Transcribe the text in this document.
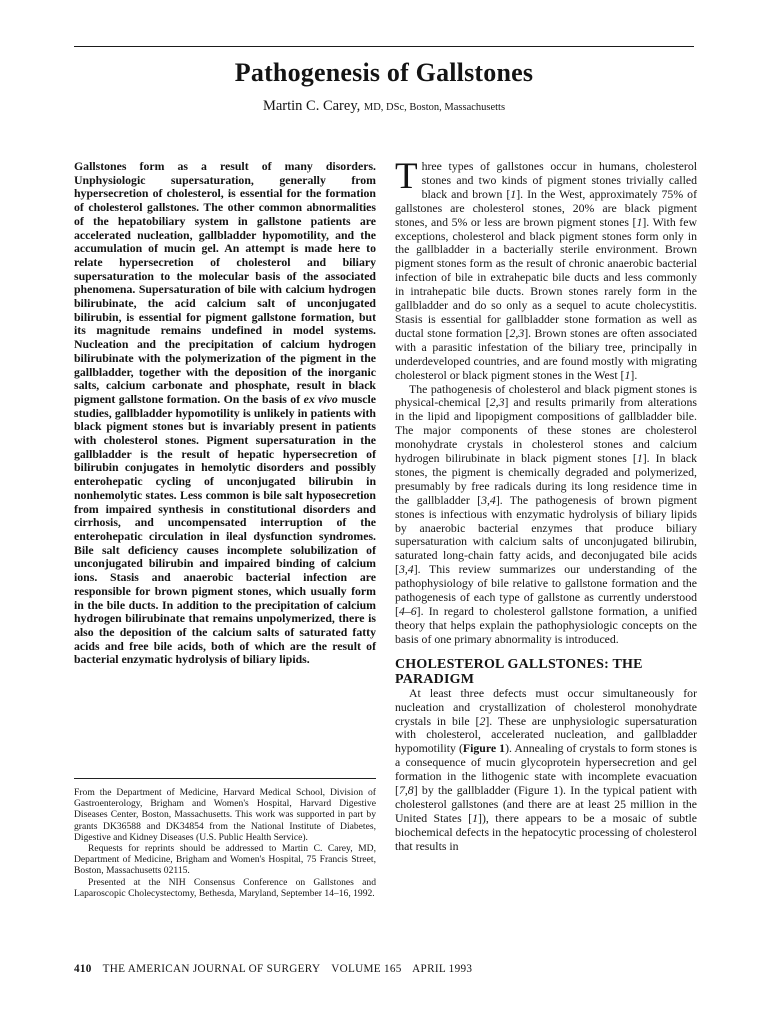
Pathogenesis of Gallstones
Martin C. Carey, MD, DSc, Boston, Massachusetts

Gallstones form as a result of many disorders. Unphysiologic supersaturation, generally from hypersecretion of cholesterol, is essential for the formation of cholesterol gallstones. The other common abnormalities of the hepatobiliary system in gallstone patients are accelerated nucleation, gallbladder hypomotility, and the accumulation of mucin gel. An attempt is made here to relate hypersecretion of cholesterol and biliary supersaturation to the molecular basis of the associated phenomena. Supersaturation of bile with calcium hydrogen bilirubinate, the acid calcium salt of unconjugated bilirubin, is essential for pigment gallstone formation, but its magnitude remains undefined in model systems. Nucleation and the precipitation of calcium hydrogen bilirubinate with the polymerization of the pigment in the gallbladder, together with the deposition of the inorganic salts, calcium carbonate and phosphate, result in black pigment gallstone formation. On the basis of ex vivo muscle studies, gallbladder hypomotility is unlikely in patients with black pigment stones but is invariably present in patients with cholesterol stones. Pigment supersaturation in the gallbladder is the result of hepatic hypersecretion of bilirubin conjugates in hemolytic disorders and possibly enterohepatic cycling of unconjugated bilirubin in nonhemolytic states. Less common is bile salt hyposecretion from impaired synthesis in constitutional disorders and cirrhosis, and uncompensated interruption of the enterohepatic circulation in ileal dysfunction syndromes. Bile salt deficiency causes incomplete solubilization of unconjugated bilirubin and impaired binding of calcium ions. Stasis and anaerobic bacterial infection are responsible for brown pigment stones, which usually form in the bile ducts. In addition to the precipitation of calcium hydrogen bilirubinate that remains unpolymerized, there is also the deposition of the calcium salts of saturated fatty acids and free bile acids, both of which are the result of bacterial enzymatic hydrolysis of biliary lipids.

From the Department of Medicine, Harvard Medical School, Division of Gastroenterology, Brigham and Women's Hospital, Harvard Digestive Diseases Center, Boston, Massachusetts. This work was supported in part by grants DK36588 and DK34854 from the National Institute of Diabetes, Digestive and Kidney Diseases (U.S. Public Health Service).

Requests for reprints should be addressed to Martin C. Carey, MD, Department of Medicine, Brigham and Women's Hospital, 75 Francis Street, Boston, Massachusetts 02115.

Presented at the NIH Consensus Conference on Gallstones and Laparoscopic Cholecystectomy, Bethesda, Maryland, September 14–16, 1992.

Three types of gallstones occur in humans, cholesterol stones and two kinds of pigment stones trivially called black and brown [1]. In the West, approximately 75% of gallstones are cholesterol stones, 20% are black pigment stones, and 5% or less are brown pigment stones [1]. With few exceptions, cholesterol and black pigment stones form only in the gallbladder in a bacterially sterile environment. Brown pigment stones form as the result of chronic anaerobic bacterial infection of bile in extrahepatic bile ducts and less commonly in intrahepatic bile ducts. Brown stones rarely form in the gallbladder and do so only as a sequel to acute cholecystitis. Stasis is essential for gallbladder stone formation as well as ductal stone formation [2,3]. Brown stones are often associated with a parasitic infestation of the biliary tree, principally in underdeveloped countries, and are found mostly with migrating cholesterol or black pigment stones in the West [1].

The pathogenesis of cholesterol and black pigment stones is physical-chemical [2,3] and results primarily from alterations in the lipid and lipopigment compositions of gallbladder bile. The major components of these stones are cholesterol monohydrate crystals in cholesterol stones and calcium hydrogen bilirubinate in black pigment stones [1]. In black stones, the pigment is chemically degraded and polymerized, presumably by free radicals during its long residence time in the gallbladder [3,4]. The pathogenesis of brown pigment stones is infectious with enzymatic hydrolysis of biliary lipids by anaerobic bacterial enzymes that produce biliary supersaturation with calcium salts of unconjugated bilirubin, saturated long-chain fatty acids, and deconjugated bile acids [3,4]. This review summarizes our understanding of the pathophysiology of bile relative to gallstone formation and the pathogenesis of each type of gallstone as currently understood [4–6]. In regard to cholesterol gallstone formation, a unified theory that helps explain the pathophysiologic concepts on the basis of one primary abnormality is introduced.

CHOLESTEROL GALLSTONES: THE PARADIGM

At least three defects must occur simultaneously for nucleation and crystallization of cholesterol monohydrate crystals in bile [2]. These are unphysiologic supersaturation with cholesterol, accelerated nucleation, and gallbladder hypomotility (Figure 1). Annealing of crystals to form stones is a consequence of mucin glycoprotein hypersecretion and gel formation in the lithogenic state with incomplete evacuation [7,8] by the gallbladder (Figure 1). In the typical patient with cholesterol gallstones (and there are at least 25 million in the United States [1]), there appears to be a mosaic of subtle biochemical defects in the hepatocytic processing of cholesterol that results in

410 THE AMERICAN JOURNAL OF SURGERY VOLUME 165 APRIL 1993
